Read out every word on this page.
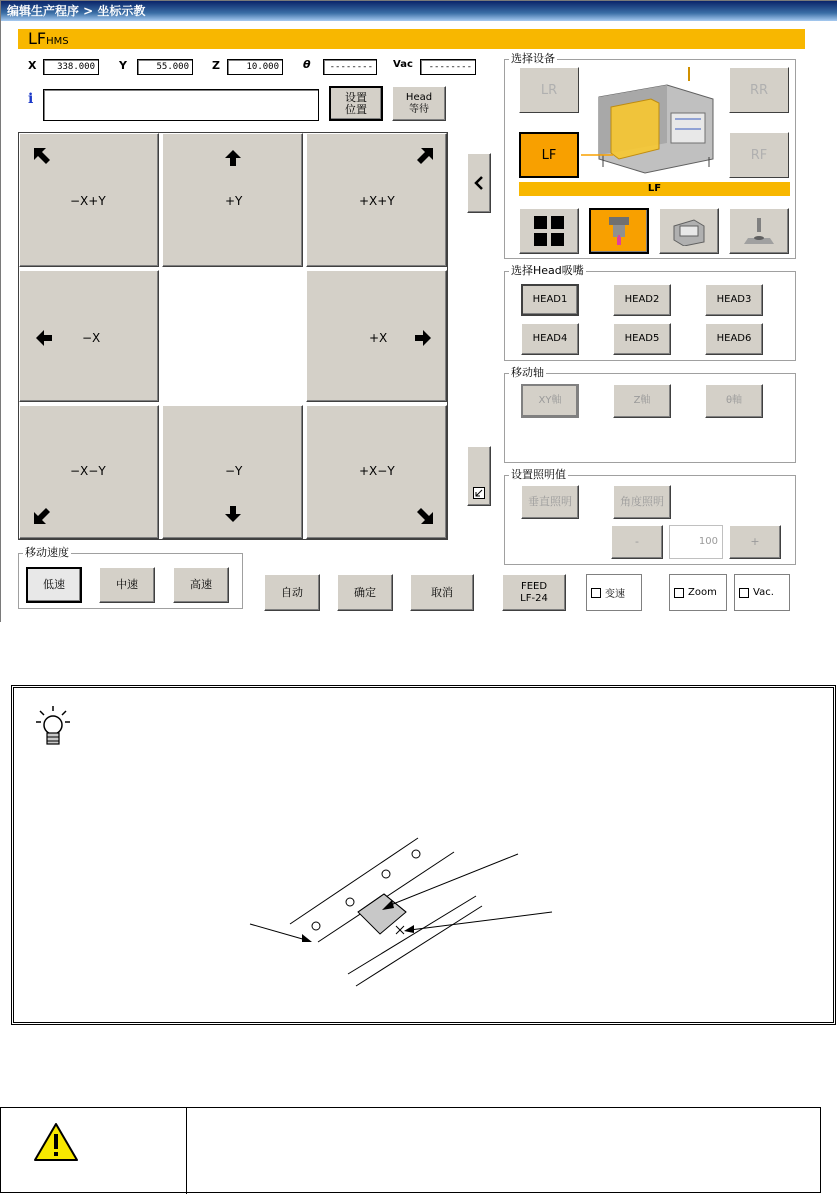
编辑生产程序 > 坐标示教
LFHMS
X	338.000	Y	55.000	Z	10.000	θ	--------	Vac	--------
i	设置
位置
Head
等待
−X+Y	+Y	+X+Y
−X	+X
−X−Y	−Y	+X−Y
移动速度
低速	中速	高速
自动	确定	取消	FEED
LF-24	变速	Zoom	Vac.
选择设备
LR	RR
LF	RF
LF
选择Head吸嘴
HEAD1	HEAD2	HEAD3
HEAD4	HEAD5	HEAD6
移动轴
XY軸	Z軸	θ軸
设置照明值
垂直照明	角度照明
-	100	+
